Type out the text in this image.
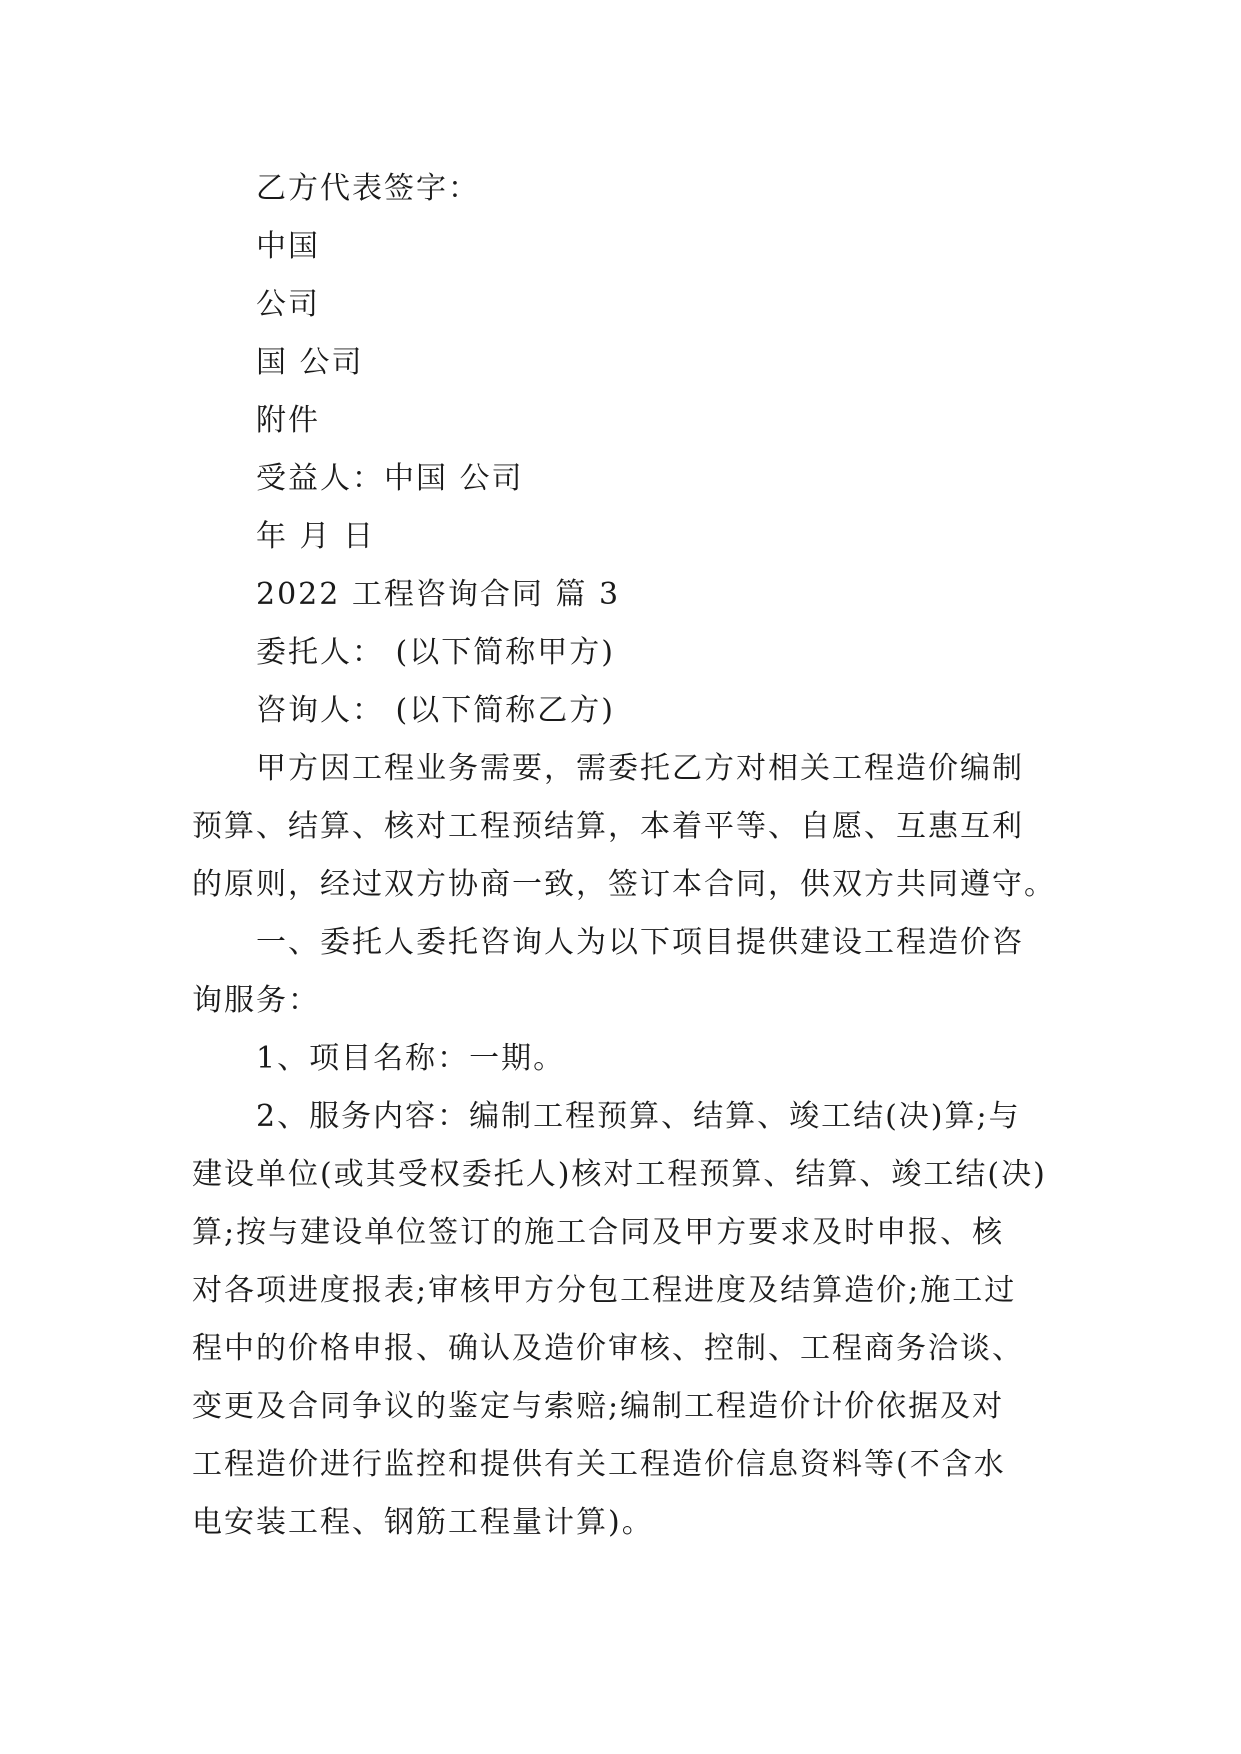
乙方代表签字：
中国
公司
国 公司
附件
受益人：中国 公司
年 月 日
2022 工程咨询合同 篇 3
委托人： (以下简称甲方)
咨询人： (以下简称乙方)
甲方因工程业务需要，需委托乙方对相关工程造价编制
预算、结算、核对工程预结算，本着平等、自愿、互惠互利
的原则，经过双方协商一致，签订本合同，供双方共同遵守。
一、委托人委托咨询人为以下项目提供建设工程造价咨
询服务：
1、项目名称：一期。
2、服务内容：编制工程预算、结算、竣工结(决)算;与
建设单位(或其受权委托人)核对工程预算、结算、竣工结(决)
算;按与建设单位签订的施工合同及甲方要求及时申报、核
对各项进度报表;审核甲方分包工程进度及结算造价;施工过
程中的价格申报、确认及造价审核、控制、工程商务洽谈、
变更及合同争议的鉴定与索赔;编制工程造价计价依据及对
工程造价进行监控和提供有关工程造价信息资料等(不含水
电安装工程、钢筋工程量计算)。
